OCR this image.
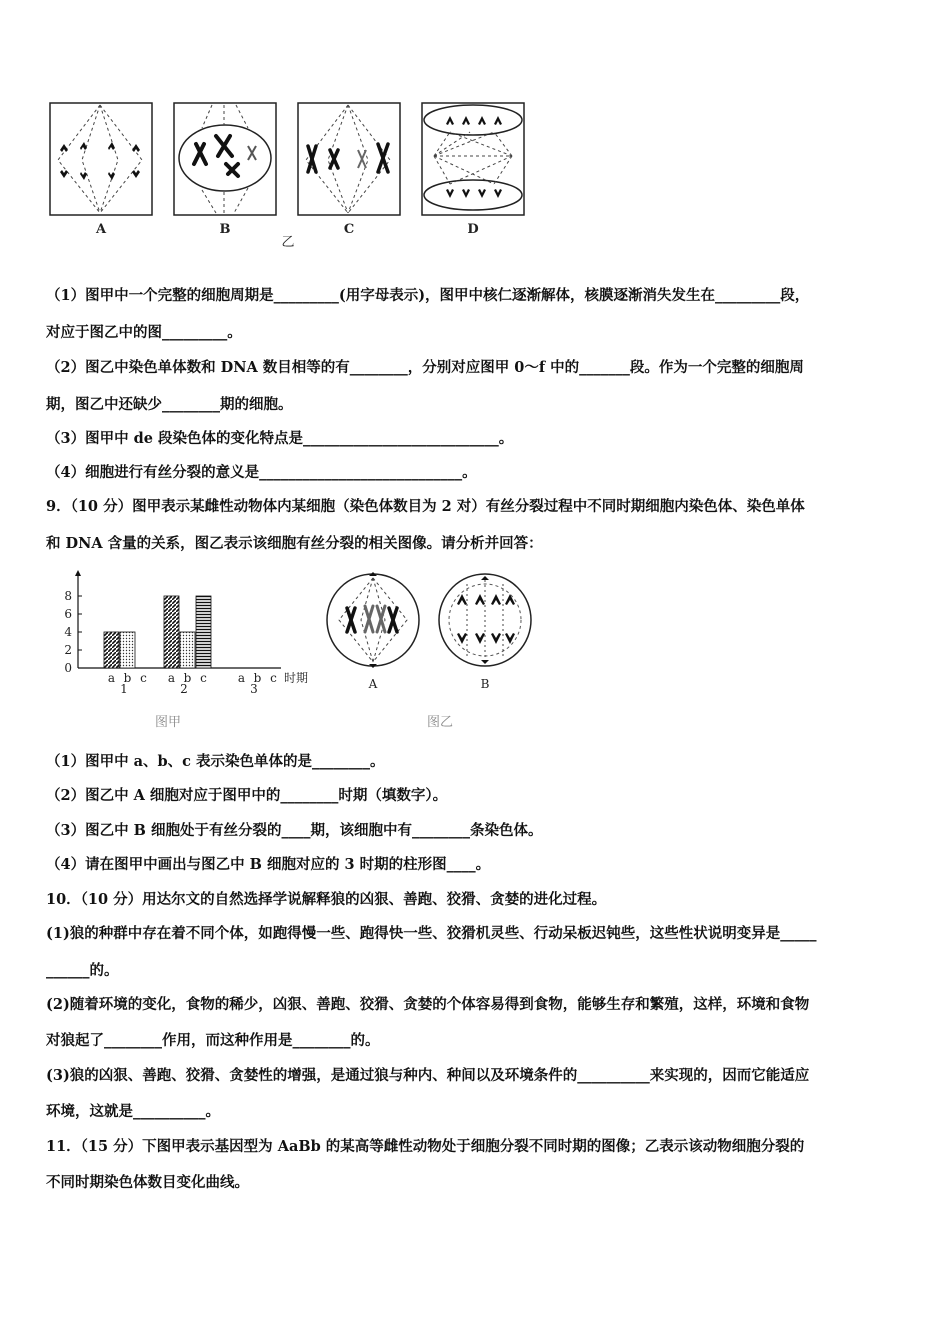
A	B	C	D
乙
（1）图甲中一个完整的细胞周期是_________(用字母表示)，图甲中核仁逐渐解体，核膜逐渐消失发生在_________段，
对应于图乙中的图_________。
（2）图乙中染色单体数和 DNA 数目相等的有________，分别对应图甲 0～f 中的_______段。作为一个完整的细胞周
期，图乙中还缺少________期的细胞。
（3）图甲中 de 段染色体的变化特点是___________________________。
（4）细胞进行有丝分裂的意义是____________________________。
9．（10 分）图甲表示某雌性动物体内某细胞（染色体数目为 2 对）有丝分裂过程中不同时期细胞内染色体、染色单体
和 DNA 含量的关系，图乙表示该细胞有丝分裂的相关图像。请分析并回答：
0
2
4
6
8
a b c
1
a b c
2
a b c
3
时期
图甲
A	B
图乙
（1）图甲中 a、b、c 表示染色单体的是________。
（2）图乙中 A 细胞对应于图甲中的________时期（填数字）。
（3）图乙中 B 细胞处于有丝分裂的____期，该细胞中有________条染色体。
（4）请在图甲中画出与图乙中 B 细胞对应的 3 时期的柱形图____。
10．（10 分）用达尔文的自然选择学说解释狼的凶狠、善跑、狡猾、贪婪的进化过程。
(1)狼的种群中存在着不同个体，如跑得慢一些、跑得快一些、狡猾机灵些、行动呆板迟钝些，这些性状说明变异是_____
______的。
(2)随着环境的变化，食物的稀少，凶狠、善跑、狡猾、贪婪的个体容易得到食物，能够生存和繁殖，这样，环境和食物
对狼起了________作用，而这种作用是________的。
(3)狼的凶狠、善跑、狡猾、贪婪性的增强，是通过狼与种内、种间以及环境条件的__________来实现的，因而它能适应
环境，这就是__________。
11．（15 分）下图甲表示基因型为 AaBb 的某高等雌性动物处于细胞分裂不同时期的图像；乙表示该动物细胞分裂的
不同时期染色体数目变化曲线。
